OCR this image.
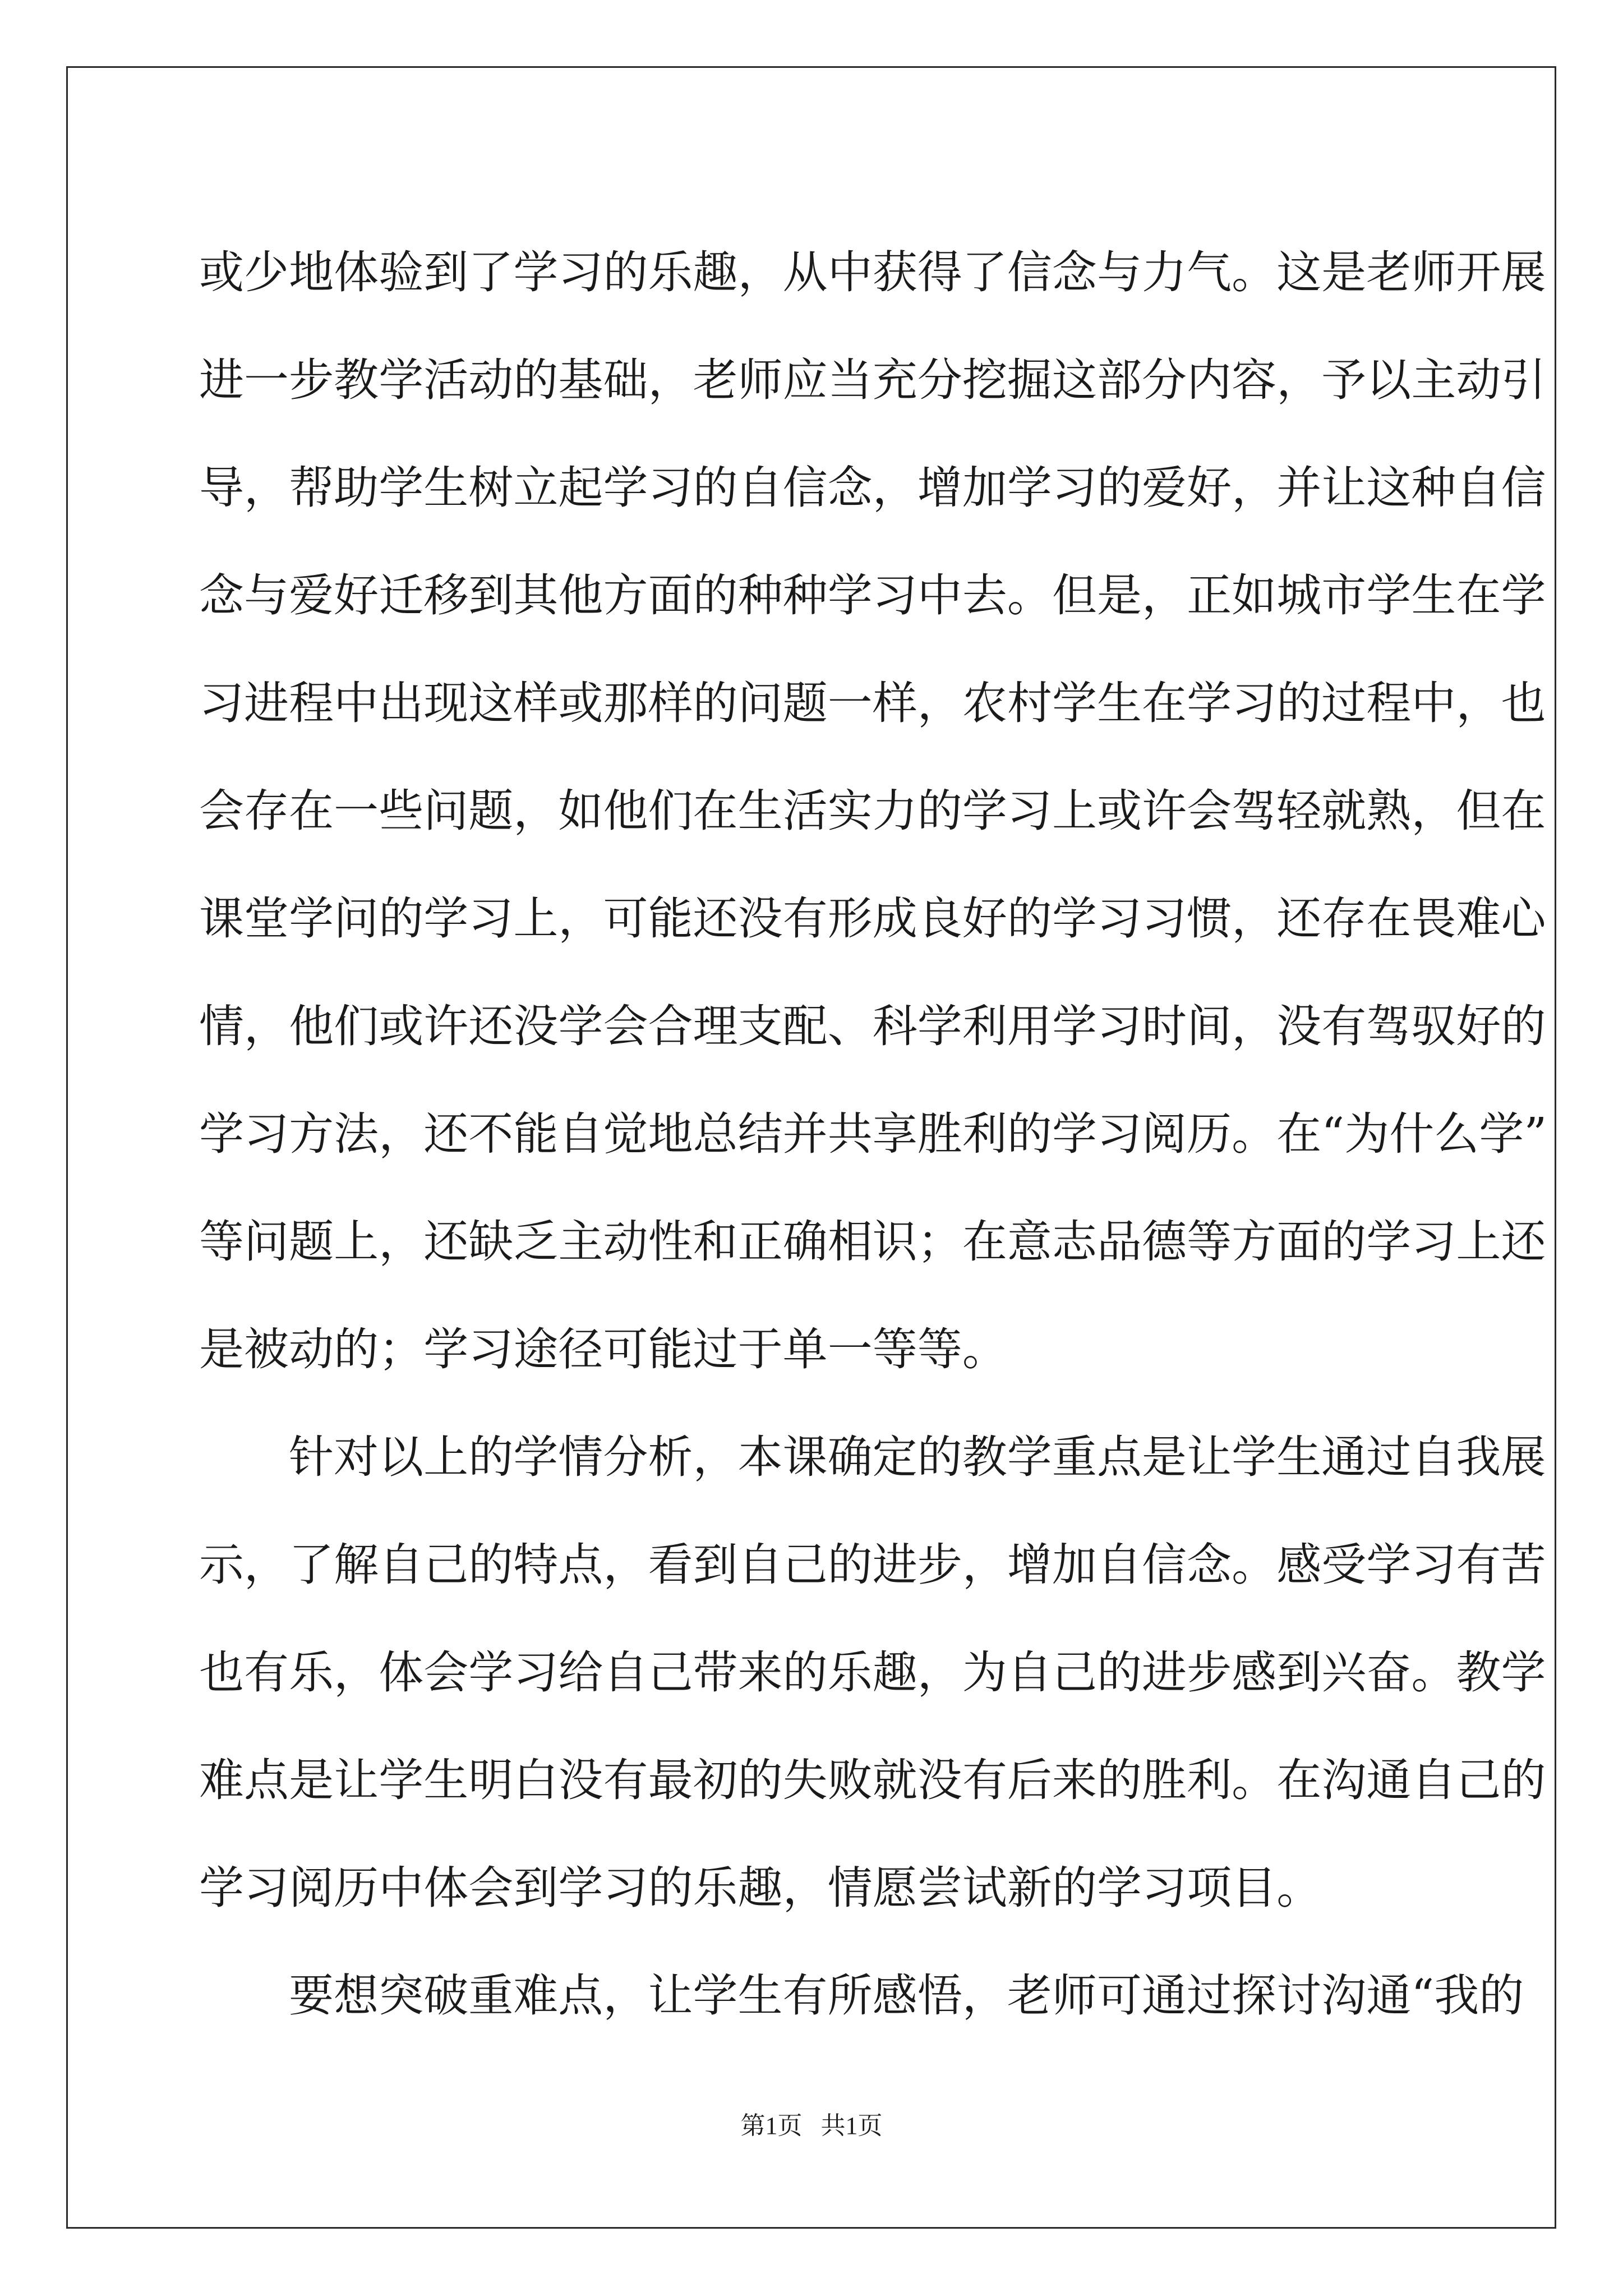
或少地体验到了学习的乐趣，从中获得了信念与力气。这是老师开展
进一步教学活动的基础，老师应当充分挖掘这部分内容，予以主动引
导，帮助学生树立起学习的自信念，增加学习的爱好，并让这种自信
念与爱好迁移到其他方面的种种学习中去。但是，正如城市学生在学
习进程中出现这样或那样的问题一样，农村学生在学习的过程中，也
会存在一些问题，如他们在生活实力的学习上或许会驾轻就熟，但在
课堂学问的学习上，可能还没有形成良好的学习习惯，还存在畏难心
情，他们或许还没学会合理支配、科学利用学习时间，没有驾驭好的
学习方法，还不能自觉地总结并共享胜利的学习阅历。在“为什么学”
等问题上，还缺乏主动性和正确相识；在意志品德等方面的学习上还
是被动的；学习途径可能过于单一等等。
针对以上的学情分析，本课确定的教学重点是让学生通过自我展
示，了解自己的特点，看到自己的进步，增加自信念。感受学习有苦
也有乐，体会学习给自己带来的乐趣，为自己的进步感到兴奋。教学
难点是让学生明白没有最初的失败就没有后来的胜利。在沟通自己的
学习阅历中体会到学习的乐趣，情愿尝试新的学习项目。
要想突破重难点，让学生有所感悟，老师可通过探讨沟通“我的
第1页   共1页
